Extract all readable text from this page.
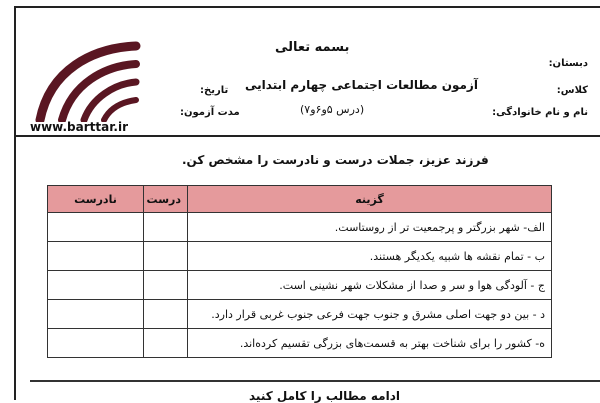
بسمه تعالی
آزمون مطالعات اجتماعی چهارم ابتدایی
(درس ۵و۶و۷)
دبستان:
کلاس:
نام و نام خانوادگی:
تاریخ:
مدت آزمون:
www.barttar.ir
فرزند عزیز، جملات درست و نادرست را مشخص کن.
گزینه	درست	نادرست
الف- شهر بزرگتر و پرجمعیت تر از روستاست.		
ب - تمام نقشه ها شبیه یکدیگر هستند.		
ج - آلودگی هوا و سر و صدا از مشکلات شهر نشینی است.		
د - بین دو جهت اصلی مشرق و جنوب جهت فرعی جنوب غربی قرار دارد.		
ه- کشور را برای شناخت بهتر به قسمت‌های بزرگی تقسیم کرده‌اند.		
ادامه مطالب را کامل کنید
